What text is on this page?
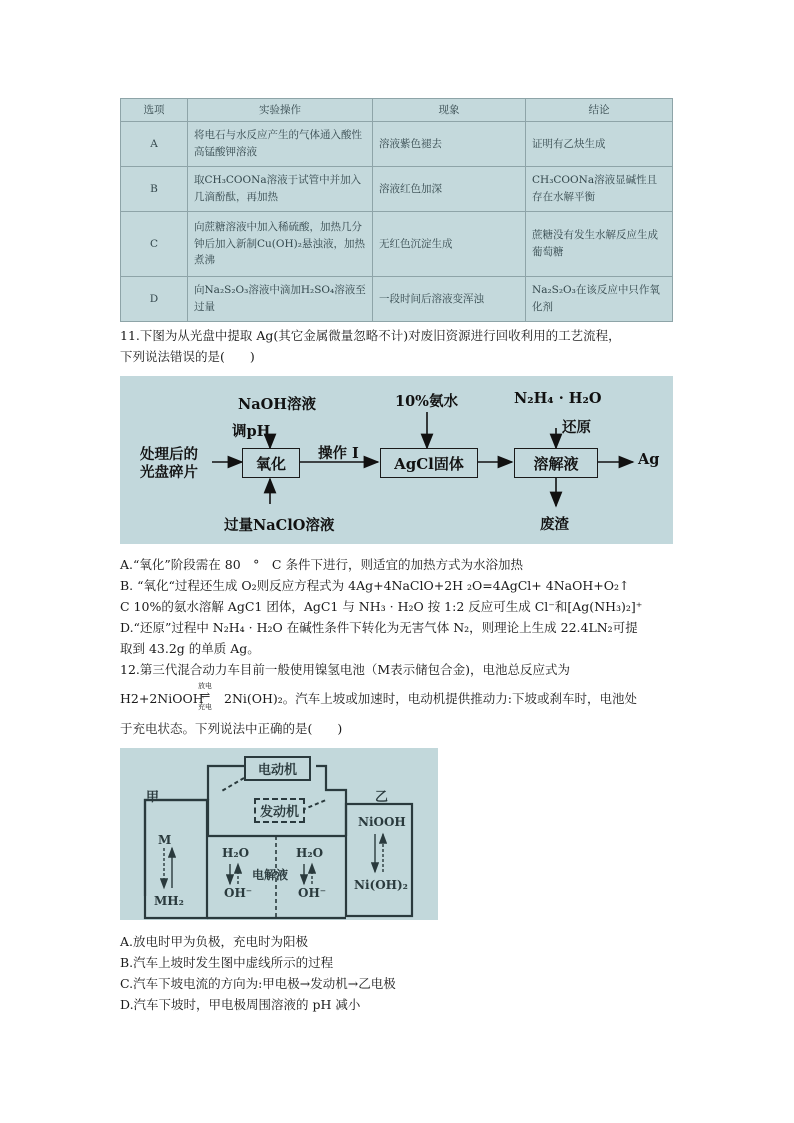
选项	实验操作	现象	结论
A	将电石与水反应产生的气体通入酸性高锰酸钾溶液	溶液紫色褪去	证明有乙炔生成
B	取CH₃COONa溶液于试管中并加入几滴酚酞，再加热	溶液红色加深	CH₃COONa溶液显碱性且存在水解平衡
C	向蔗糖溶液中加入稀硫酸，加热几分钟后加入新制Cu(OH)₂悬浊液，加热煮沸	无红色沉淀生成	蔗糖没有发生水解反应生成葡萄糖
D	向Na₂S₂O₃溶液中滴加H₂SO₄溶液至过量	一段时间后溶液变浑浊	Na₂S₂O₃在该反应中只作氧化剂
11.下图为从光盘中提取 Ag(其它金属微量忽略不计)对废旧资源进行回收利用的工艺流程，
下列说法错误的是(　　)
处理后的
光盘碎片
NaOH溶液
调pH
氧化
过量NaClO溶液
操作 I
10%氨水
AgCl固体
N₂H₄ · H₂O
还原
溶解液	Ag
废渣
A.“氧化”阶段需在 80　°　C 条件下进行，则适宜的加热方式为水浴加热
B. “氧化“过程还生成 O₂则反应方程式为 4Ag+4NaClO+2H ₂O=4AgCl+ 4NaOH+O₂↑
C 10%的氨水溶解 AgC1 团体，AgC1 与 NH₃ · H₂O 按 1:2 反应可生成 Cl⁻和[Ag(NH₃)₂]⁺
D.“还原”过程中 N₂H₄ · H₂O 在碱性条件下转化为无害气体 N₂，则理论上生成 22.4LN₂可提
取到 43.2g 的单质 Ag。
12.第三代混合动力车目前一般使用镍氢电池（M表示储包合金)，电池总反应式为
H2+2NiOOH
放电
⇌
充电
2Ni(OH)₂。汽车上坡或加速时，电动机提供推动力:下坡或刹车时，电池处
于充电状态。下列说法中正确的是(　　)
电动机
发动机
甲	乙
M
MH₂
NiOOH
Ni(OH)₂
H₂O
OH⁻
电解液
H₂O
OH⁻
A.放电时甲为负极，充电时为阳极
B.汽车上坡时发生图中虚线所示的过程
C.汽车下坡电流的方向为:甲电极→发动机→乙电极
D.汽车下坡时，甲电极周围溶液的 pH 减小
